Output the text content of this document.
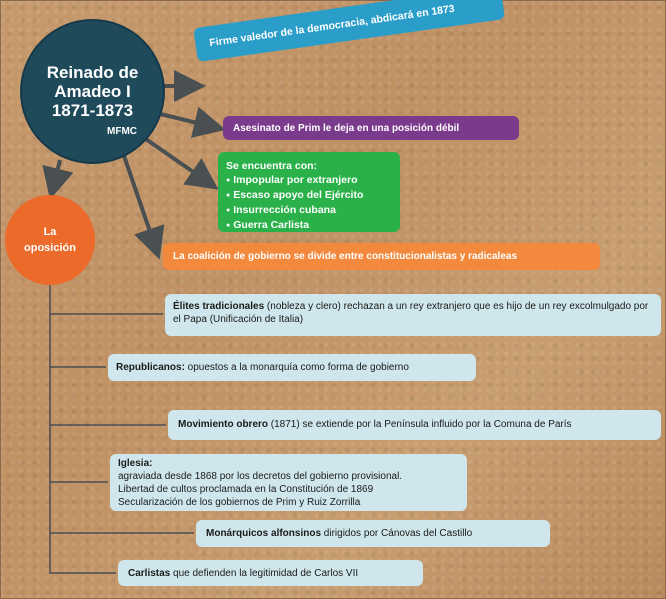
Reinado de
Amadeo I
1871-1873
MFMC
La
oposición
Firme valedor de la democracia, abdicará en 1873
Asesinato de Prim le deja en una posición débil
Se encuentra con:
● Impopular por extranjero
● Escaso apoyo del Ejército
● Insurrección cubana
● Guerra Carlista
La coalición de gobierno se divide entre constitucionalistas y radicaleas
Élites tradicionales (nobleza y clero) rechazan a un rey extranjero que es hijo de un rey excolmulgado por el Papa (Unificación de Italia)
Republicanos: opuestos a la monarquía como forma de gobierno
Movimiento obrero (1871) se extiende por la Península influido por la Comuna de París
Iglesia:
agraviada desde 1868 por los decretos del gobierno provisional.
Libertad de cultos proclamada en la Constitución de 1869
Secularización de los gobiernos de Prim y Ruiz Zorrilla
Monárquicos alfonsinos dirigidos por Cánovas del Castillo
Carlistas que defienden la legitimidad de Carlos VII
